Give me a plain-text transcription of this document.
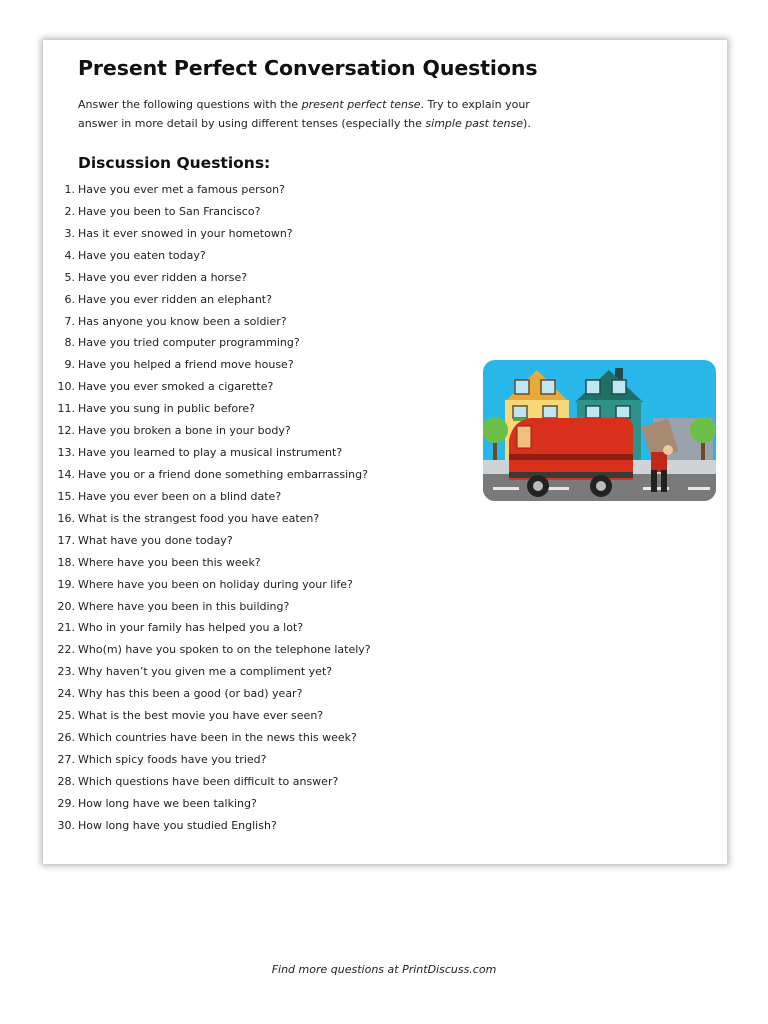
Present Perfect Conversation Questions

Answer the following questions with the present perfect tense. Try to explain your answer in more detail by using different tenses (especially the simple past tense).

Discussion Questions:
1. Have you ever met a famous person?
2. Have you been to San Francisco?
3. Has it ever snowed in your hometown?
4. Have you eaten today?
5. Have you ever ridden a horse?
6. Have you ever ridden an elephant?
7. Has anyone you know been a soldier?
8. Have you tried computer programming?
9. Have you helped a friend move house?
10. Have you ever smoked a cigarette?
11. Have you sung in public before?
12. Have you broken a bone in your body?
13. Have you learned to play a musical instrument?
14. Have you or a friend done something embarrassing?
15. Have you ever been on a blind date?
16. What is the strangest food you have eaten?
17. What have you done today?
18. Where have you been this week?
19. Where have you been on holiday during your life?
20. Where have you been in this building?
21. Who in your family has helped you a lot?
22. Who(m) have you spoken to on the telephone lately?
23. Why haven’t you given me a compliment yet?
24. Why has this been a good (or bad) year?
25. What is the best movie you have ever seen?
26. Which countries have been in the news this week?
27. Which spicy foods have you tried?
28. Which questions have been difficult to answer?
29. How long have we been talking?
30. How long have you studied English?
Find more questions at PrintDiscuss.com
